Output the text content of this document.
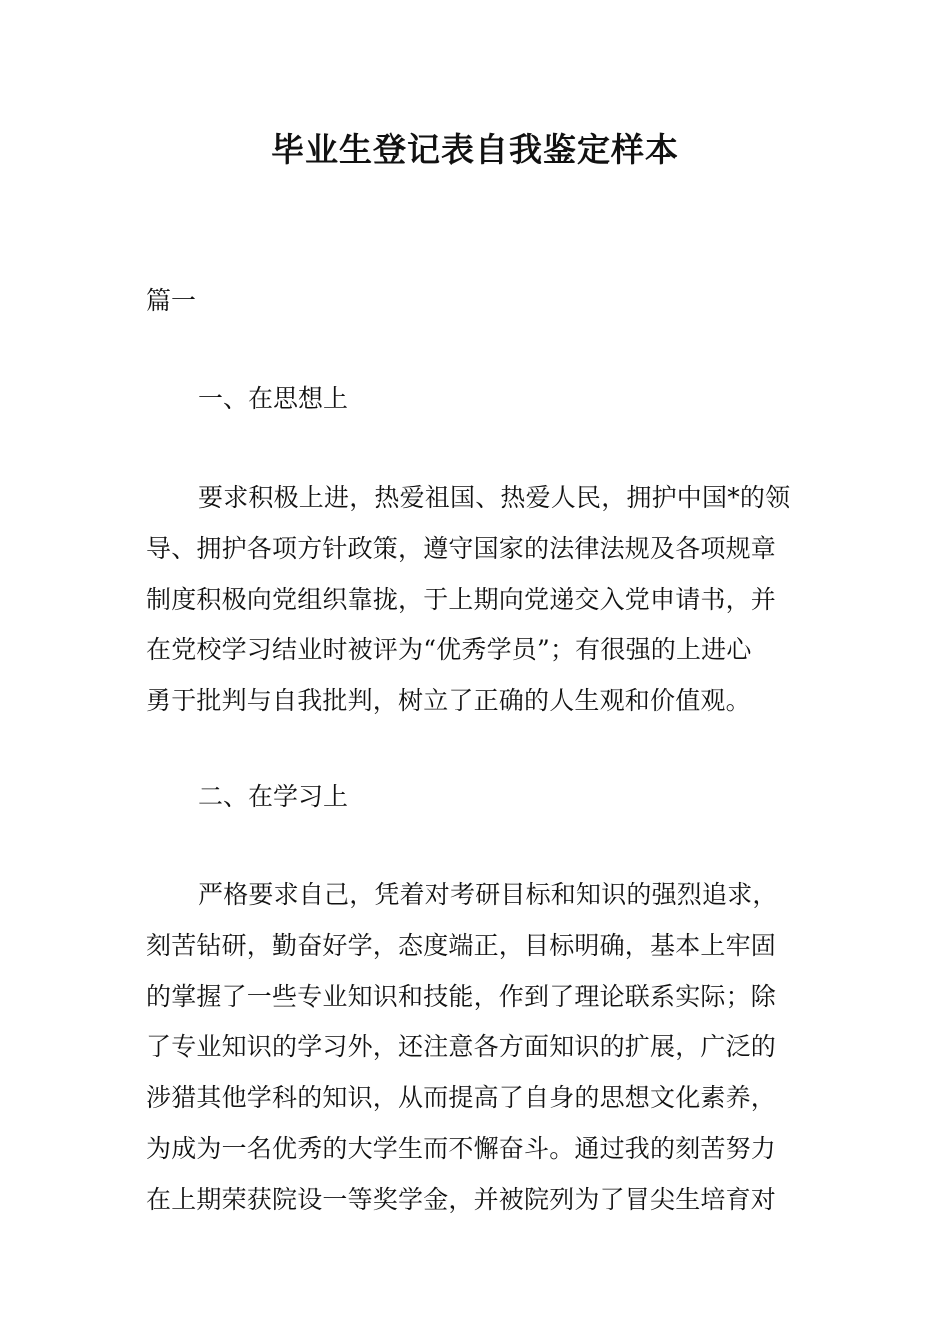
毕业生登记表自我鉴定样本

篇一

一、在思想上

要求积极上进，热爱祖国、热爱人民，拥护中国*的领
导、拥护各项方针政策，遵守国家的法律法规及各项规章
制度积极向党组织靠拢，于上期向党递交入党申请书，并
在党校学习结业时被评为“优秀学员”；有很强的上进心
勇于批判与自我批判，树立了正确的人生观和价值观。

二、在学习上

严格要求自己，凭着对考研目标和知识的强烈追求，
刻苦钻研，勤奋好学，态度端正，目标明确，基本上牢固
的掌握了一些专业知识和技能，作到了理论联系实际；除
了专业知识的学习外，还注意各方面知识的扩展，广泛的
涉猎其他学科的知识，从而提高了自身的思想文化素养，
为成为一名优秀的大学生而不懈奋斗。通过我的刻苦努力
在上期荣获院设一等奖学金，并被院列为了冒尖生培育对
